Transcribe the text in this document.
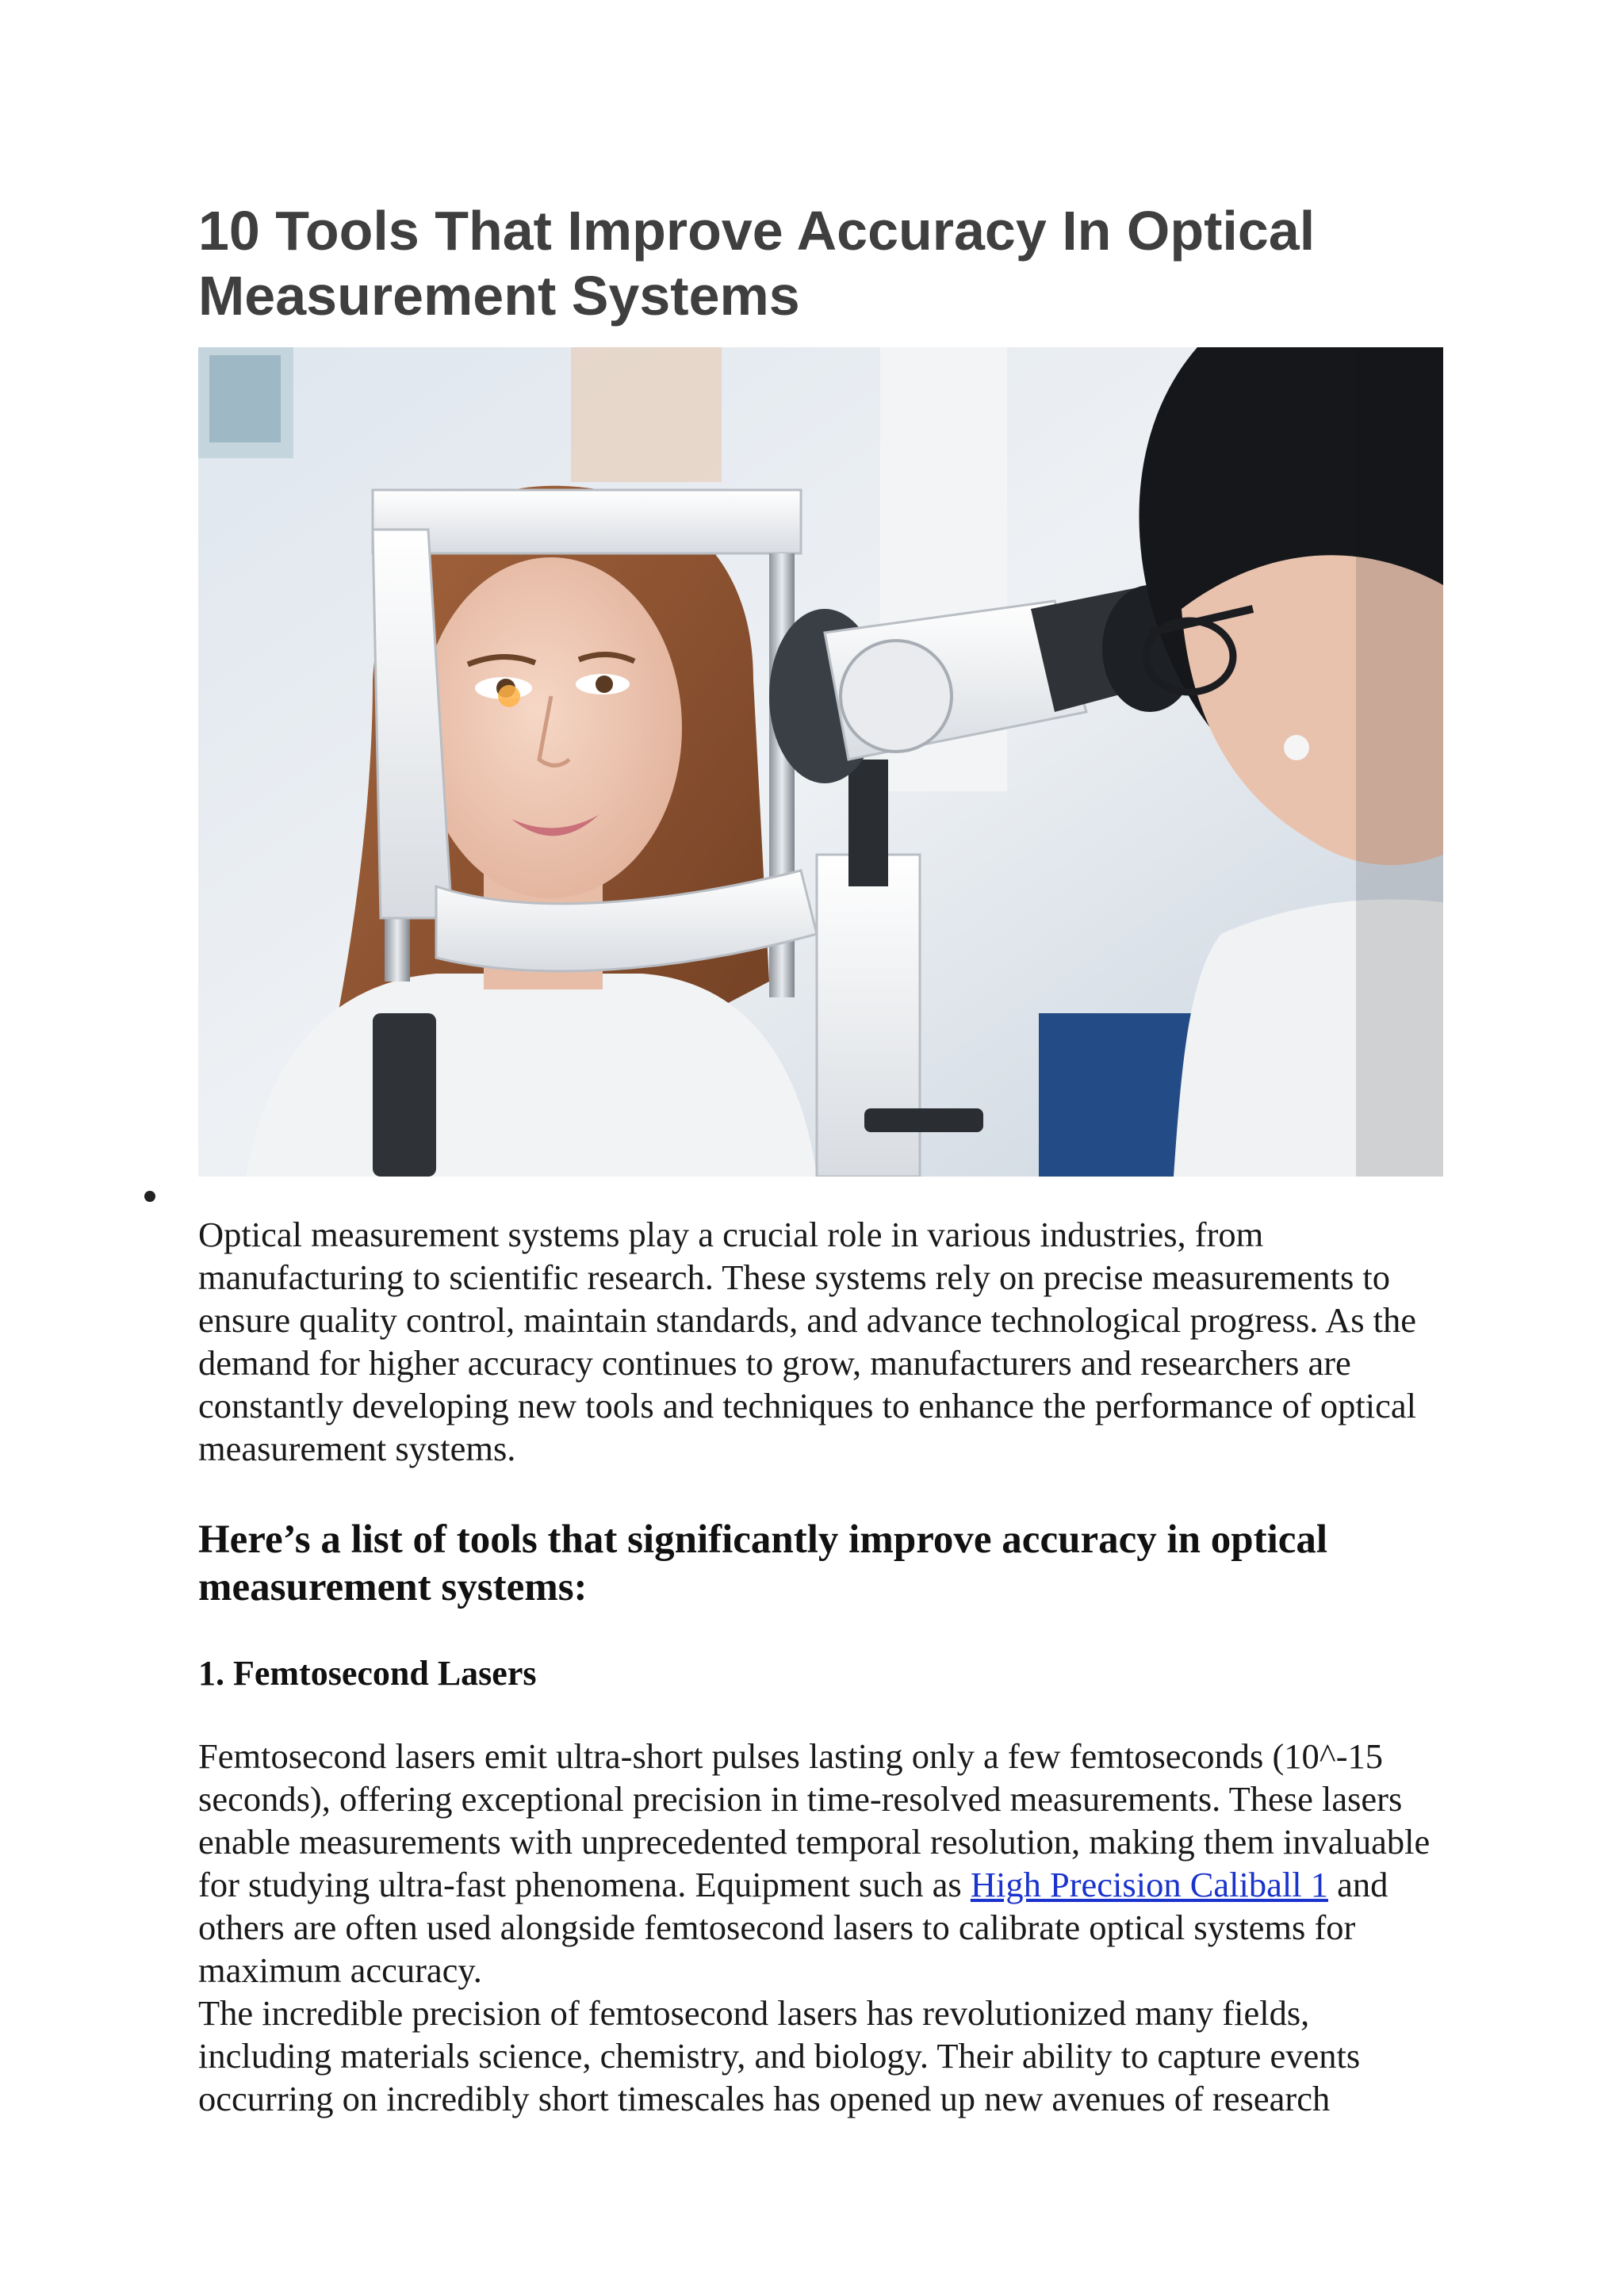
10 Tools That Improve Accuracy In Optical Measurement Systems

Optical measurement systems play a crucial role in various industries, from manufacturing to scientific research. These systems rely on precise measurements to ensure quality control, maintain standards, and advance technological progress. As the demand for higher accuracy continues to grow, manufacturers and researchers are constantly developing new tools and techniques to enhance the performance of optical measurement systems.

Here’s a list of tools that significantly improve accuracy in optical measurement systems:
1. Femtosecond Lasers

Femtosecond lasers emit ultra-short pulses lasting only a few femtoseconds (10^-15 seconds), offering exceptional precision in time-resolved measurements. These lasers enable measurements with unprecedented temporal resolution, making them invaluable for studying ultra-fast phenomena. Equipment such as High Precision Caliball 1 and others are often used alongside femtosecond lasers to calibrate optical systems for maximum accuracy.

The incredible precision of femtosecond lasers has revolutionized many fields, including materials science, chemistry, and biology. Their ability to capture events occurring on incredibly short timescales has opened up new avenues of research
